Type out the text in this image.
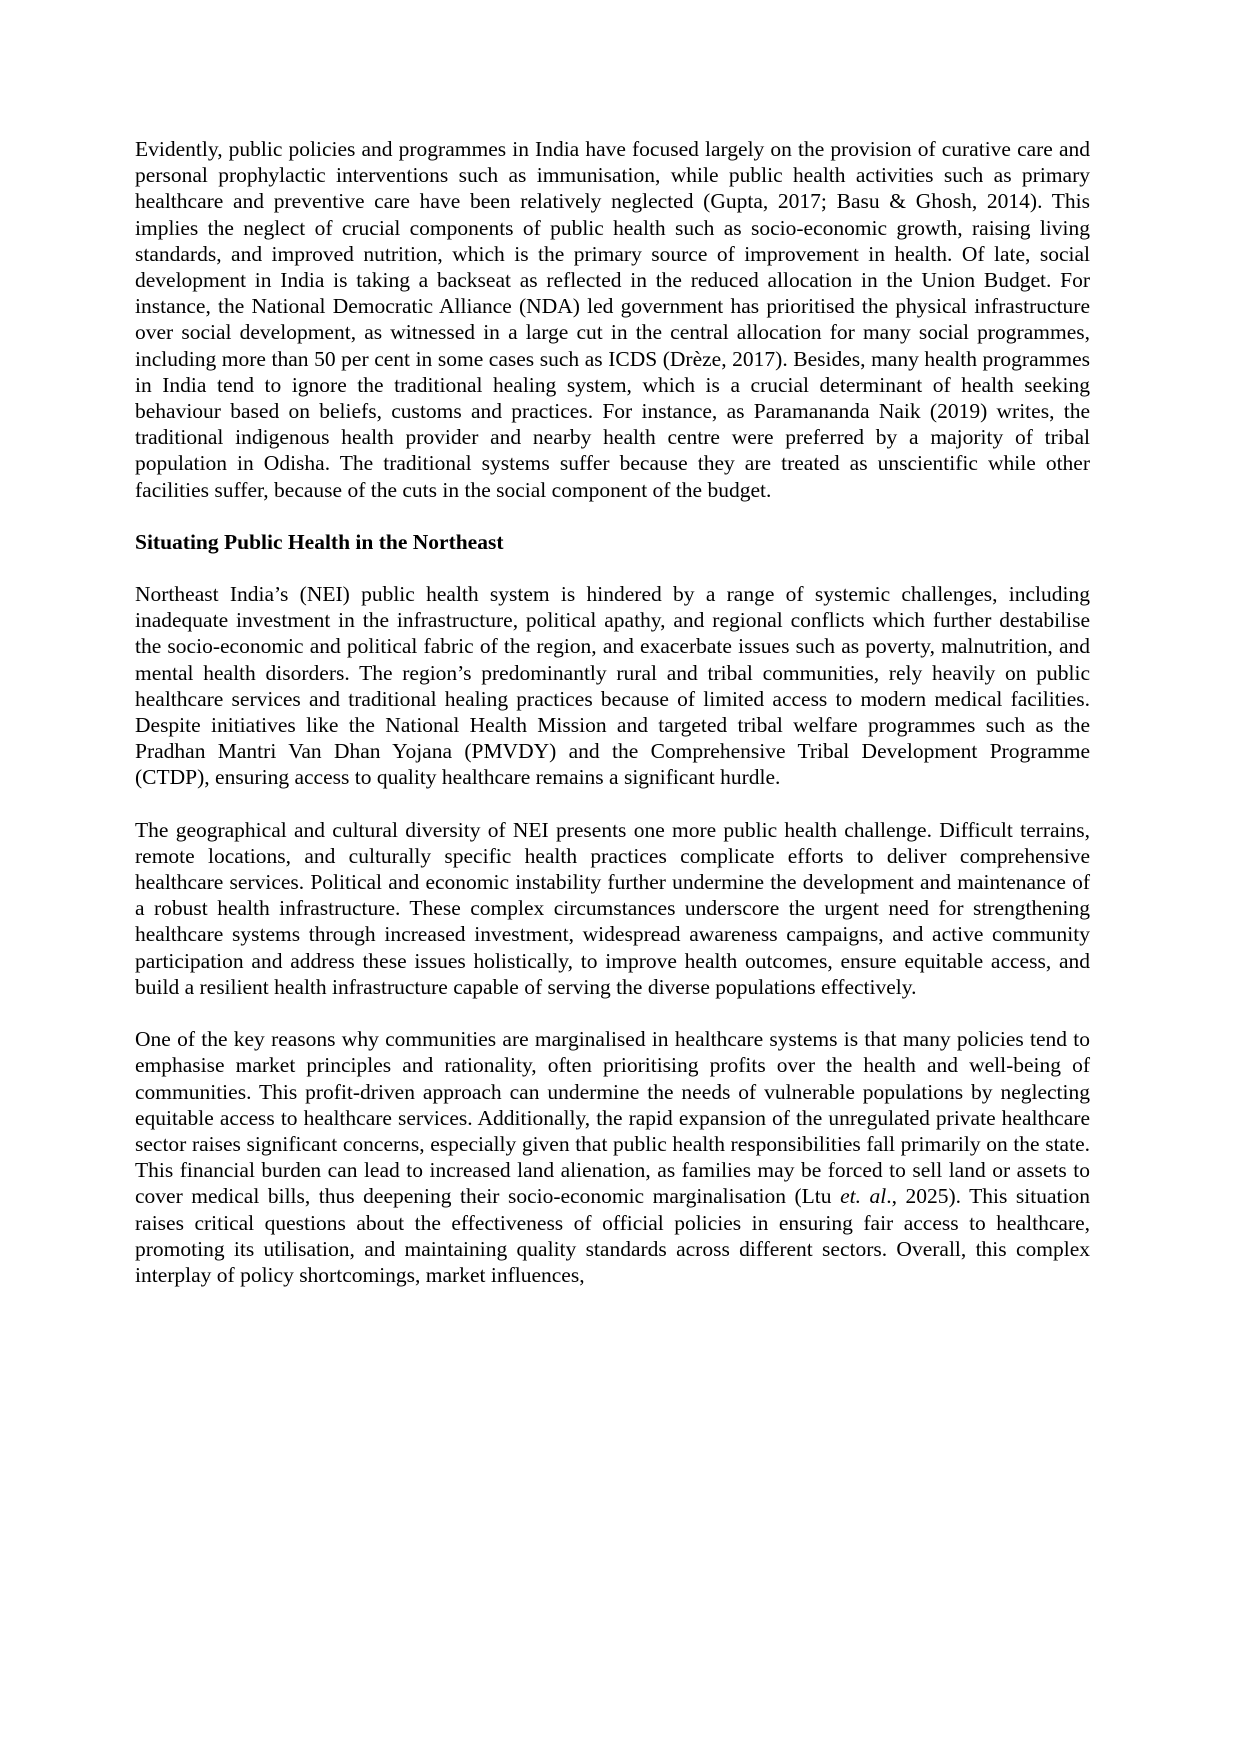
Evidently, public policies and programmes in India have focused largely on the provision of curative care and personal prophylactic interventions such as immunisation, while public health activities such as primary healthcare and preventive care have been relatively neglected (Gupta, 2017; Basu & Ghosh, 2014). This implies the neglect of crucial components of public health such as socio-economic growth, raising living standards, and improved nutrition, which is the primary source of improvement in health. Of late, social development in India is taking a backseat as reflected in the reduced allocation in the Union Budget. For instance, the National Democratic Alliance (NDA) led government has prioritised the physical infrastructure over social development, as witnessed in a large cut in the central allocation for many social programmes, including more than 50 per cent in some cases such as ICDS (Drèze, 2017). Besides, many health programmes in India tend to ignore the traditional healing system, which is a crucial determinant of health seeking behaviour based on beliefs, customs and practices. For instance, as Paramananda Naik (2019) writes, the traditional indigenous health provider and nearby health centre were preferred by a majority of tribal population in Odisha. The traditional systems suffer because they are treated as unscientific while other facilities suffer, because of the cuts in the social component of the budget.

Situating Public Health in the Northeast

Northeast India’s (NEI) public health system is hindered by a range of systemic challenges, including inadequate investment in the infrastructure, political apathy, and regional conflicts which further destabilise the socio-economic and political fabric of the region, and exacerbate issues such as poverty, malnutrition, and mental health disorders. The region’s predominantly rural and tribal communities, rely heavily on public healthcare services and traditional healing practices because of limited access to modern medical facilities. Despite initiatives like the National Health Mission and targeted tribal welfare programmes such as the Pradhan Mantri Van Dhan Yojana (PMVDY) and the Comprehensive Tribal Development Programme (CTDP), ensuring access to quality healthcare remains a significant hurdle.

The geographical and cultural diversity of NEI presents one more public health challenge. Difficult terrains, remote locations, and culturally specific health practices complicate efforts to deliver comprehensive healthcare services. Political and economic instability further undermine the development and maintenance of a robust health infrastructure. These complex circumstances underscore the urgent need for strengthening healthcare systems through increased investment, widespread awareness campaigns, and active community participation and address these issues holistically, to improve health outcomes, ensure equitable access, and build a resilient health infrastructure capable of serving the diverse populations effectively.

One of the key reasons why communities are marginalised in healthcare systems is that many policies tend to emphasise market principles and rationality, often prioritising profits over the health and well-being of communities. This profit-driven approach can undermine the needs of vulnerable populations by neglecting equitable access to healthcare services. Additionally, the rapid expansion of the unregulated private healthcare sector raises significant concerns, especially given that public health responsibilities fall primarily on the state. This financial burden can lead to increased land alienation, as families may be forced to sell land or assets to cover medical bills, thus deepening their socio-economic marginalisation (Ltu et. al., 2025). This situation raises critical questions about the effectiveness of official policies in ensuring fair access to healthcare, promoting its utilisation, and maintaining quality standards across different sectors. Overall, this complex interplay of policy shortcomings, market influences,
